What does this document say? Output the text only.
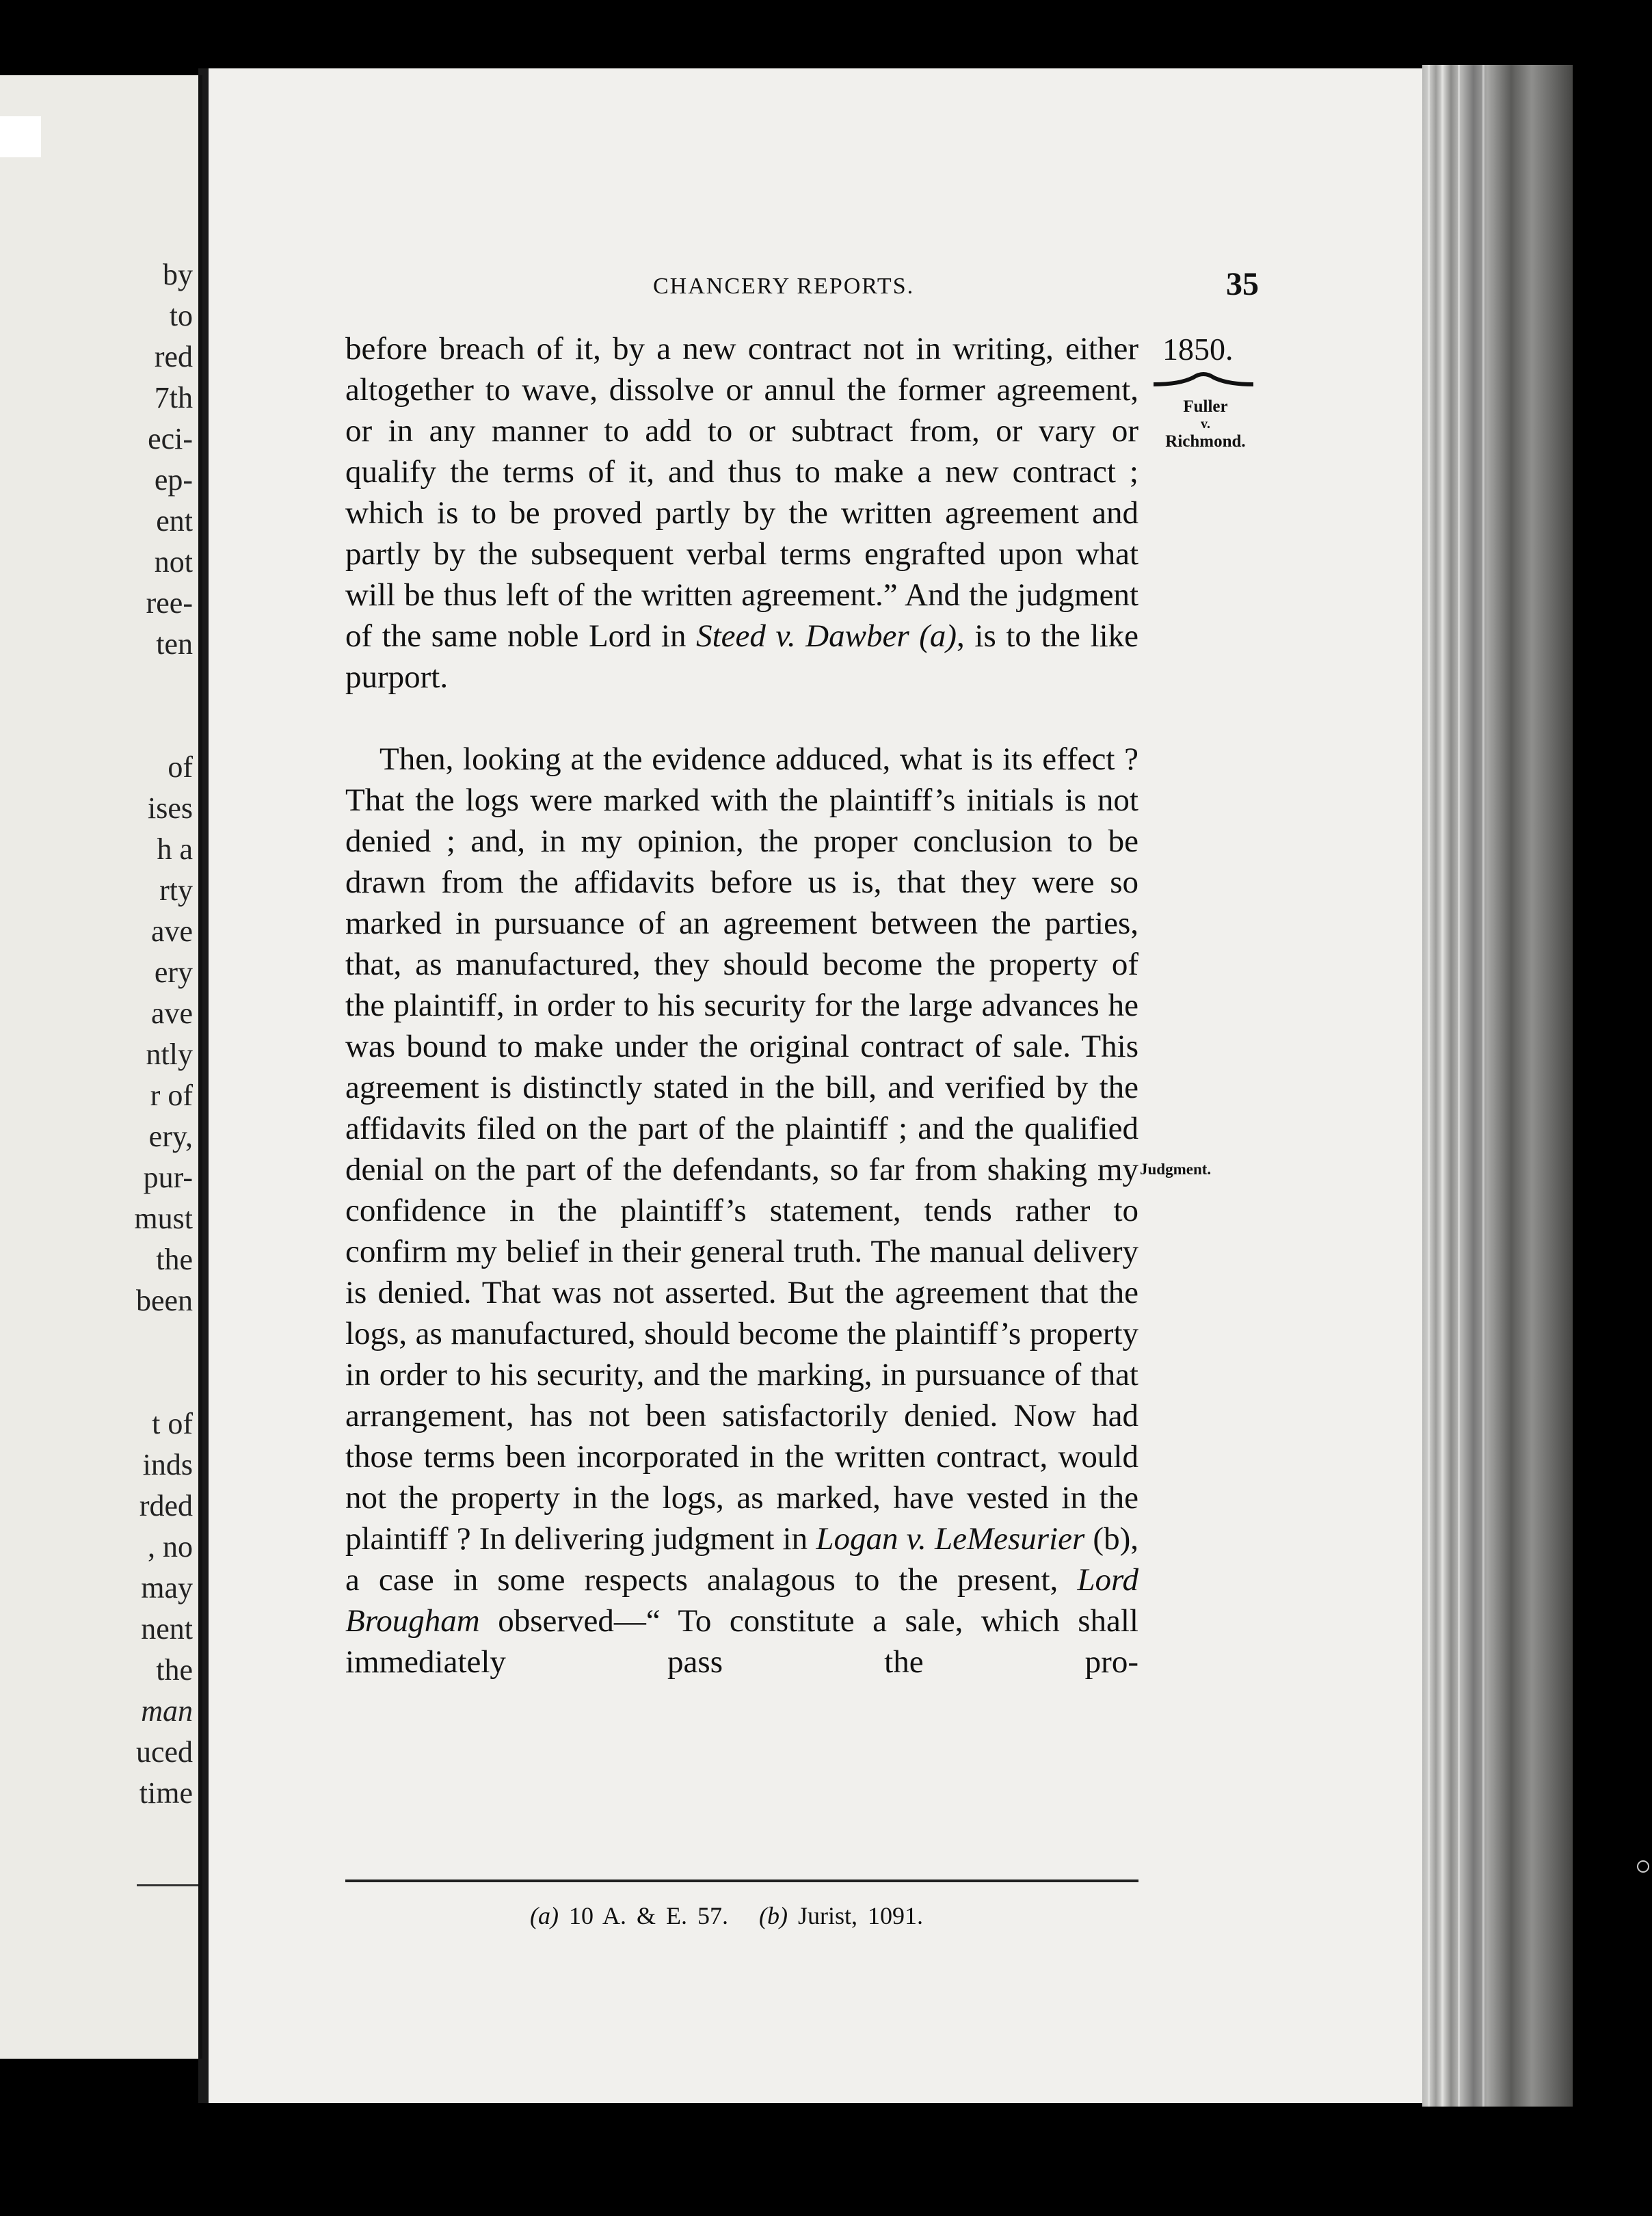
by
to
red
7th
eci-
ep-
ent
not
ree-
ten
of
ises
h a
rty
ave
ery
ave
ntly
r of
ery,
pur-
must
the
been
t of
inds
rded
, no
may
nent
the
man
uced
time
CHANCERY REPORTS.	35
1850.
Fuller
v.
Richmond.
Judgment.

before breach of it, by a new contract not in writing, either altogether to wave, dissolve or annul the former agreement, or in any manner to add to or subtract from, or vary or qualify the terms of it, and thus to make a new contract ; which is to be proved partly by the written agreement and partly by the subsequent verbal terms engrafted upon what will be thus left of the written agreement.” And the judgment of the same noble Lord in Steed v. Dawber (a), is to the like purport.

Then, looking at the evidence adduced, what is its effect ? That the logs were marked with the plaintiff’s initials is not denied ; and, in my opinion, the proper conclusion to be drawn from the affidavits before us is, that they were so marked in pursuance of an agreement between the parties, that, as manufactured, they should become the property of the plaintiff, in order to his security for the large advances he was bound to make under the original contract of sale. This agreement is distinctly stated in the bill, and verified by the affidavits filed on the part of the plaintiff ; and the qualified denial on the part of the defendants, so far from shaking my confidence in the plaintiff’s statement, tends rather to confirm my belief in their general truth. The manual delivery is denied. That was not asserted. But the agreement that the logs, as manufactured, should become the plaintiff’s property in order to his security, and the marking, in pursuance of that arrangement, has not been satisfactorily denied. Now had those terms been incorporated in the written contract, would not the property in the logs, as marked, have vested in the plaintiff ? In delivering judgment in Logan v. LeMesurier (b), a case in some respects analagous to the present, Lord Brougham observed—“ To constitute a sale, which shall immediately pass the pro-

(a) 10 A. & E. 57. (b) Jurist, 1091.
